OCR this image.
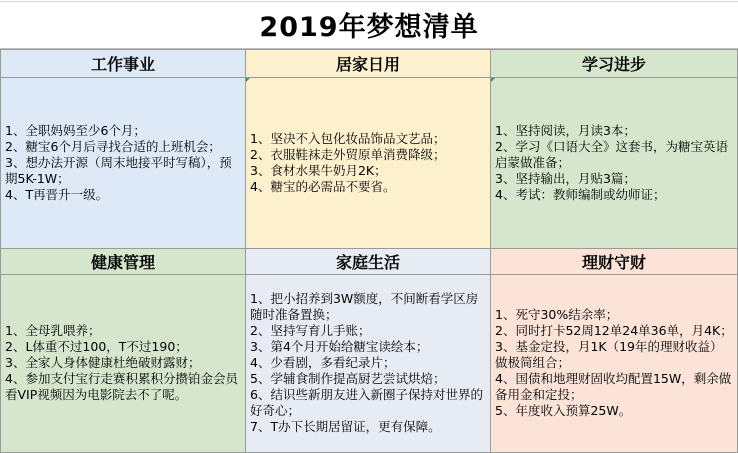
2019年梦想清单
工作事业
1、全职妈妈至少6个月；
2、糖宝6个月后寻找合适的上班机会；
3、想办法开源（周末地接平时写稿），预期5K-1W；
4、T再晋升一级。
居家日用
1、坚决不入包化妆品饰品文艺品；
2、衣服鞋袜走外贸原单消费降级；
3、食材水果牛奶月2K；
4、糖宝的必需品不要省。
学习进步
1、坚持阅读，月读3本；
2、学习《口语大全》这套书，为糖宝英语启蒙做准备；
3、坚持输出，月贴3篇；
4、考试：教师编制或幼师证；
健康管理
1、全母乳喂养；
2、L体重不过100，T不过190；
3、全家人身体健康杜绝破财露财；
4、参加支付宝行走赛积累积分攒铂金会员看VIP视频因为电影院去不了呢。
家庭生活
1、把小招养到3W额度，不间断看学区房随时准备置换；
2、坚持写育儿手账；
3、第4个月开始给糖宝读绘本；
4、少看剧，多看纪录片；
5、学辅食制作提高厨艺尝试烘焙；
6、结识些新朋友进入新圈子保持对世界的好奇心；
7、T办下长期居留证，更有保障。
理财守财
1、死守30%结余率；
2、同时打卡52周12单24单36单，月4K；
3、基金定投，月1K（19年的理财收益）做极简组合；
4、国债和地理财固收均配置15W，剩余做备用金和定投；
5、年度收入预算25W。
